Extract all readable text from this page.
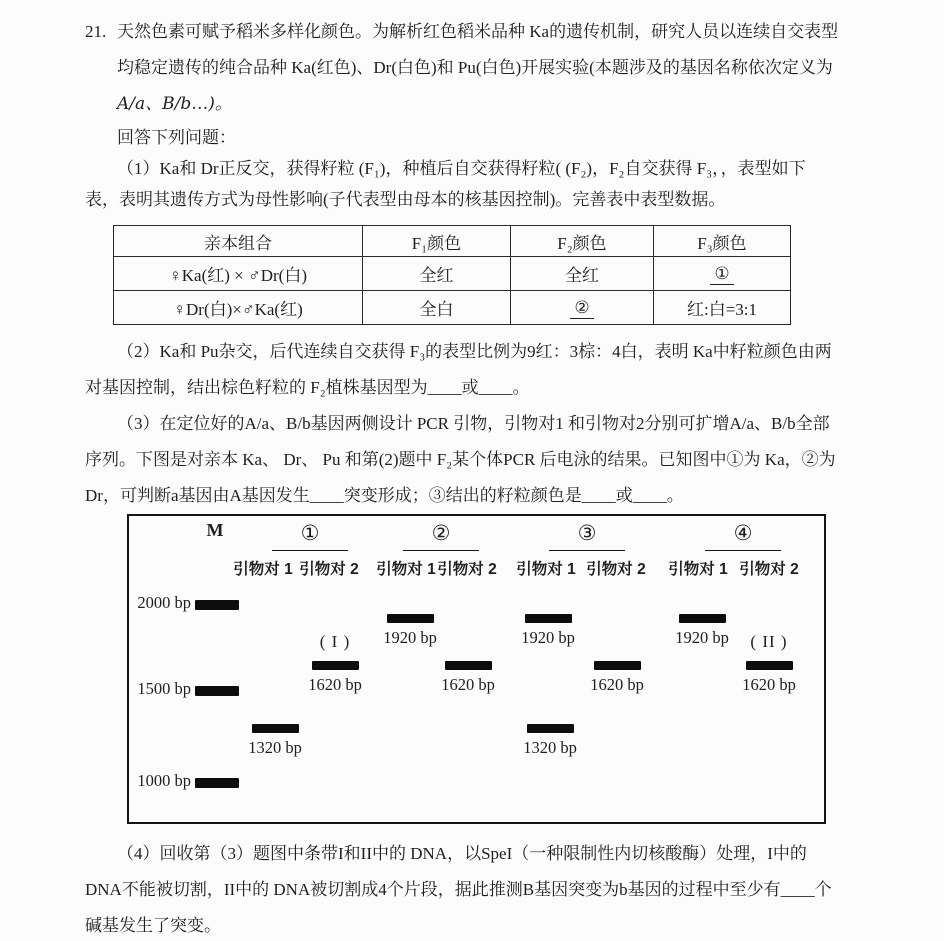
21. 天然色素可赋予稻米多样化颜色。为解析红色稻米品种 Ka的遗传机制，研究人员以连续自交表型
均稳定遗传的纯合品种 Ka(红色)、Dr(白色)和 Pu(白色)开展实验(本题涉及的基因名称依次定义为
A/a、B/b…)。
回答下列问题：
（1）Ka和 Dr正反交，获得籽粒 (F₁)，种植后自交获得籽粒( (F₂)，F₂自交获得 F₃，，表型如下
表，表明其遗传方式为母性影响(子代表型由母本的核基因控制)。完善表中表型数据。
亲本组合	F₁颜色	F₂颜色	F₃颜色
♀Ka(红) × ♂Dr(白)	全红	全红	①
♀Dr(白)×♂Ka(红)	全白	②	红:白=3:1
（2）Ka和 Pu杂交，后代连续自交获得 F₃的表型比例为9红：3棕：4白，表明 Ka中籽粒颜色由两
对基因控制，结出棕色籽粒的 F₂植株基因型为____或____。
（3）在定位好的A/a、B/b基因两侧设计 PCR 引物，引物对1 和引物对2分别可扩增A/a、B/b全部
序列。下图是对亲本 Ka、 Dr、 Pu 和第(2)题中 F₂某个体PCR 后电泳的结果。已知图中①为 Ka，②为
Dr，可判断a基因由A基因发生____突变形成；③结出的籽粒颜色是____或____。
M
2000 bp
1500 bp
1000 bp
①	②	③	④
引物对 1 引物对 2	引物对 1 引物对 2	引物对 1 引物对 2	引物对 1 引物对 2
1320 bp
1620 bp
( I )	1920 bp
1620 bp
1920 bp
1320 bp
1620 bp
1920 bp
1620 bp
( II )
（4）回收第（3）题图中条带I和II中的 DNA，以SpeI（一种限制性内切核酸酶）处理，I中的
DNA不能被切割，II中的 DNA被切割成4个片段，据此推测B基因突变为b基因的过程中至少有____个
碱基发生了突变。
